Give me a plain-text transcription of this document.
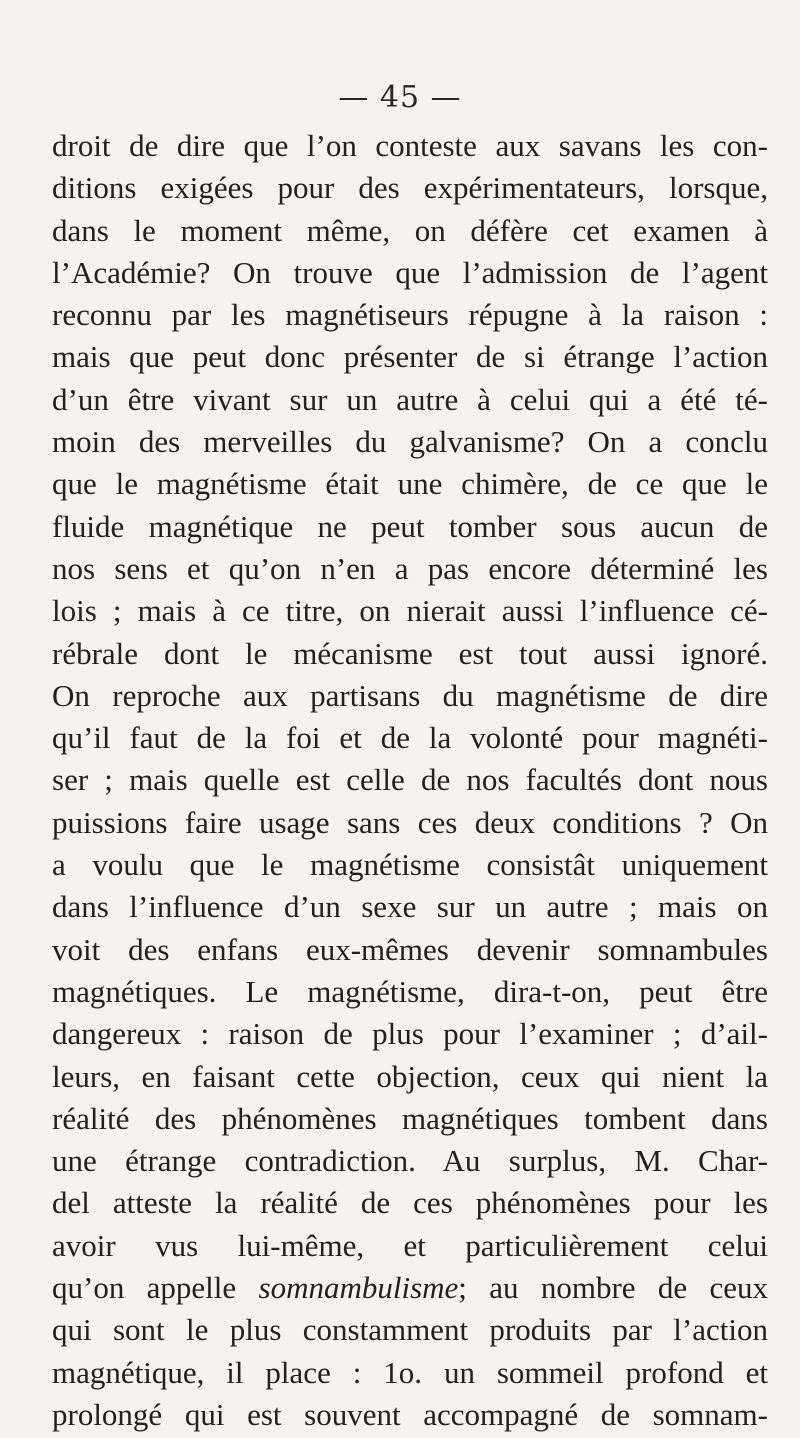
— 45 —
droit de dire que l’on conteste aux savans les con-
ditions exigées pour des expérimentateurs, lorsque,
dans le moment même, on défère cet examen à
l’Académie? On trouve que l’admission de l’agent
reconnu par les magnétiseurs répugne à la raison :
mais que peut donc présenter de si étrange l’action
d’un être vivant sur un autre à celui qui a été té-
moin des merveilles du galvanisme? On a conclu
que le magnétisme était une chimère, de ce que le
fluide magnétique ne peut tomber sous aucun de
nos sens et qu’on n’en a pas encore déterminé les
lois ; mais à ce titre, on nierait aussi l’influence cé-
rébrale dont le mécanisme est tout aussi ignoré.
On reproche aux partisans du magnétisme de dire
qu’il faut de la foi et de la volonté pour magnéti-
ser ; mais quelle est celle de nos facultés dont nous
puissions faire usage sans ces deux conditions ? On
a voulu que le magnétisme consistât uniquement
dans l’influence d’un sexe sur un autre ; mais on
voit des enfans eux-mêmes devenir somnambules
magnétiques. Le magnétisme, dira-t-on, peut être
dangereux : raison de plus pour l’examiner ; d’ail-
leurs, en faisant cette objection, ceux qui nient la
réalité des phénomènes magnétiques tombent dans
une étrange contradiction. Au surplus, M. Char-
del atteste la réalité de ces phénomènes pour les
avoir vus lui-même, et particulièrement celui
qu’on appelle somnambulisme; au nombre de ceux
qui sont le plus constamment produits par l’action
magnétique, il place : 1o. un sommeil profond et
prolongé qui est souvent accompagné de somnam-
